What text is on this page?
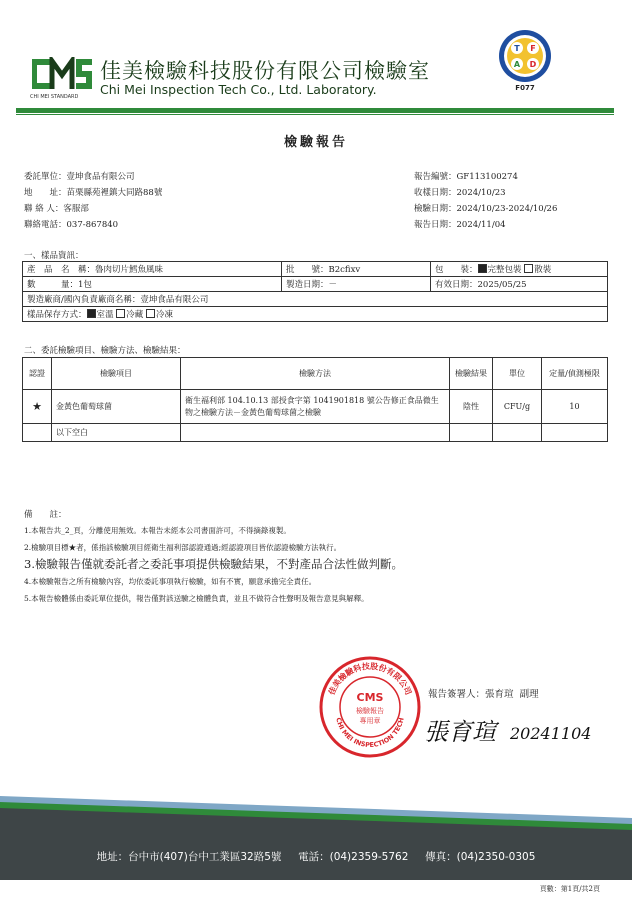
CHI MEI STANDARD
佳美檢驗科技股份有限公司檢驗室
Chi Mei Inspection Tech Co., Ltd. Laboratory.
T F
D
A
F077
檢驗報告
委託單位：壹坤食品有限公司
地　　址：苗栗縣苑裡鎮大同路88號
聯 絡 人：客服部
聯絡電話：037-867840
報告編號：GF113100274
收樣日期：2024/10/23
檢驗日期：2024/10/23-2024/10/26
報告日期：2024/11/04
一、樣品資訊：
產　品　名　稱：魯肉切片鱈魚風味	批　　號：B2cfixv	包　　裝： 完整包裝 散裝
數　　　量：1包	製造日期：－	有效日期：2025/05/25
製造廠商/國內負責廠商名稱：壹坤食品有限公司		
樣品保存方式： 室溫 冷藏 冷凍		
二、委託檢驗項目、檢驗方法、檢驗結果：
認證	檢驗項目	檢驗方法	檢驗結果	單位	定量/偵測極限
★	金黃色葡萄球菌	衛生福利部 104.10.13 部授食字第 1041901818 號公告修正食品微生物之檢驗方法－金黃色葡萄球菌之檢驗	陰性	CFU/g	10
	以下空白				
備　　註：
1.本報告共_2_頁，分離使用無效。本報告未經本公司書面許可，不得摘錄複製。
2.檢驗項目標★者，係指該檢驗項目經衛生福利部認證通過;經認證項目皆依認證檢驗方法執行。
3.檢驗報告僅就委託者之委託事項提供檢驗結果，不對產品合法性做判斷。
4.本檢驗報告之所有檢驗內容，均依委託事項執行檢驗，如有不實，願意承擔完全責任。
5.本報告檢體係由委託單位提供，報告僅對該送驗之檢體負責，並且不做符合性聲明及報告意見與解釋。
佳美檢驗科技股份有限公司
CHI MEI INSPECTION TECH
CMS
檢驗報告
專用章
報告簽署人：張育瑄 副理
張育瑄 20241104
地址：台中市(407)台中工業區32路5號 電話：(04)2359-5762 傳真：(04)2350-0305
頁數：第1頁/共2頁
